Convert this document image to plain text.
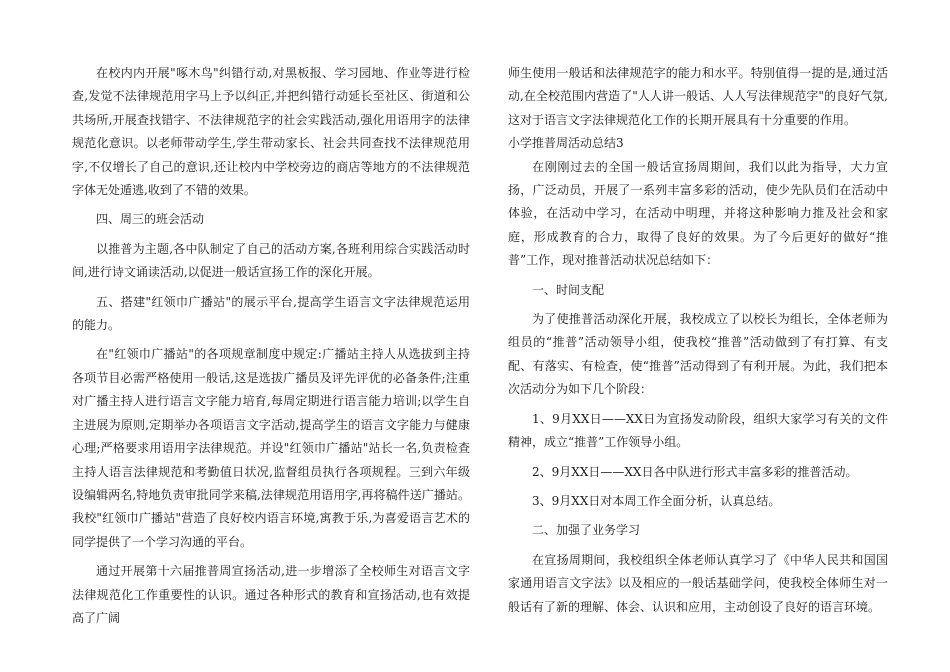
在校内内开展"啄木鸟"纠错行动,对黑板报、学习园地、作业等进行检查,发觉不法律规范用字马上予以纠正,并把纠错行动延长至社区、街道和公共场所,开展查找错字、不法律规范字的社会实践活动,强化用语用字的法律规范化意识。以老师带动学生,学生带动家长、社会共同查找不法律规范用字,不仅增长了自己的意识,还让校内中学校旁边的商店等地方的不法律规范字体无处遁逃,收到了不错的效果。

四、周三的班会活动

以推普为主题,各中队制定了自己的活动方案,各班利用综合实践活动时间,进行诗文诵读活动,以促进一般话宣扬工作的深化开展。

五、搭建"红领巾广播站"的展示平台,提高学生语言文字法律规范运用的能力。

在"红领巾广播站"的各项规章制度中规定:广播站主持人从选拔到主持各项节目必需严格使用一般话,这是选拔广播员及评先评优的必备条件;注重对广播主持人进行语言文字能力培育,每周定期进行语言能力培训;以学生自主进展为原则,定期举办各项语言文字活动,提高学生的语言文字能力与健康心理;严格要求用语用字法律规范。并设"红领巾广播站"站长一名,负责检查主持人语言法律规范和考勤值日状况,监督组员执行各项规程。三到六年级设编辑两名,特地负责审批同学来稿,法律规范用语用字,再将稿件送广播站。我校"红领巾广播站"营造了良好校内语言环境,寓教于乐,为喜爱语言艺术的同学提供了一个学习沟通的平台。

通过开展第十六届推普周宣扬活动,进一步增添了全校师生对语言文字法律规范化工作重要性的认识。通过各种形式的教育和宣扬活动,也有效提高了广阔

师生使用一般话和法律规范字的能力和水平。特别值得一提的是,通过活动,在全校范围内营造了"人人讲一般话、人人写法律规范字"的良好气氛,这对于语言文字法律规范化工作的长期开展具有十分重要的作用。

小学推普周活动总结3

在刚刚过去的全国一般话宣扬周期间，我们以此为指导，大力宣扬，广泛动员，开展了一系列丰富多彩的活动，使少先队员们在活动中体验，在活动中学习，在活动中明理，并将这种影响力推及社会和家庭，形成教育的合力，取得了良好的效果。为了今后更好的做好“推普”工作，现对推普活动状况总结如下：

一、时间支配

为了使推普活动深化开展，我校成立了以校长为组长，全体老师为组员的“推普”活动领导小组，使我校“推普”活动做到了有打算、有支配、有落实、有检查，使“推普”活动得到了有利开展。为此，我们把本次活动分为如下几个阶段：

1、9月XX日——XX日为宣扬发动阶段，组织大家学习有关的文件精神，成立“推普”工作领导小组。

2、9月XX日——XX日各中队进行形式丰富多彩的推普活动。

3、9月XX日对本周工作全面分析，认真总结。

二、加强了业务学习

在宣扬周期间，我校组织全体老师认真学习了《中华人民共和国国家通用语言文字法》以及相应的一般话基础学问，使我校全体师生对一般话有了新的理解、体会、认识和应用，主动创设了良好的语言环境。
